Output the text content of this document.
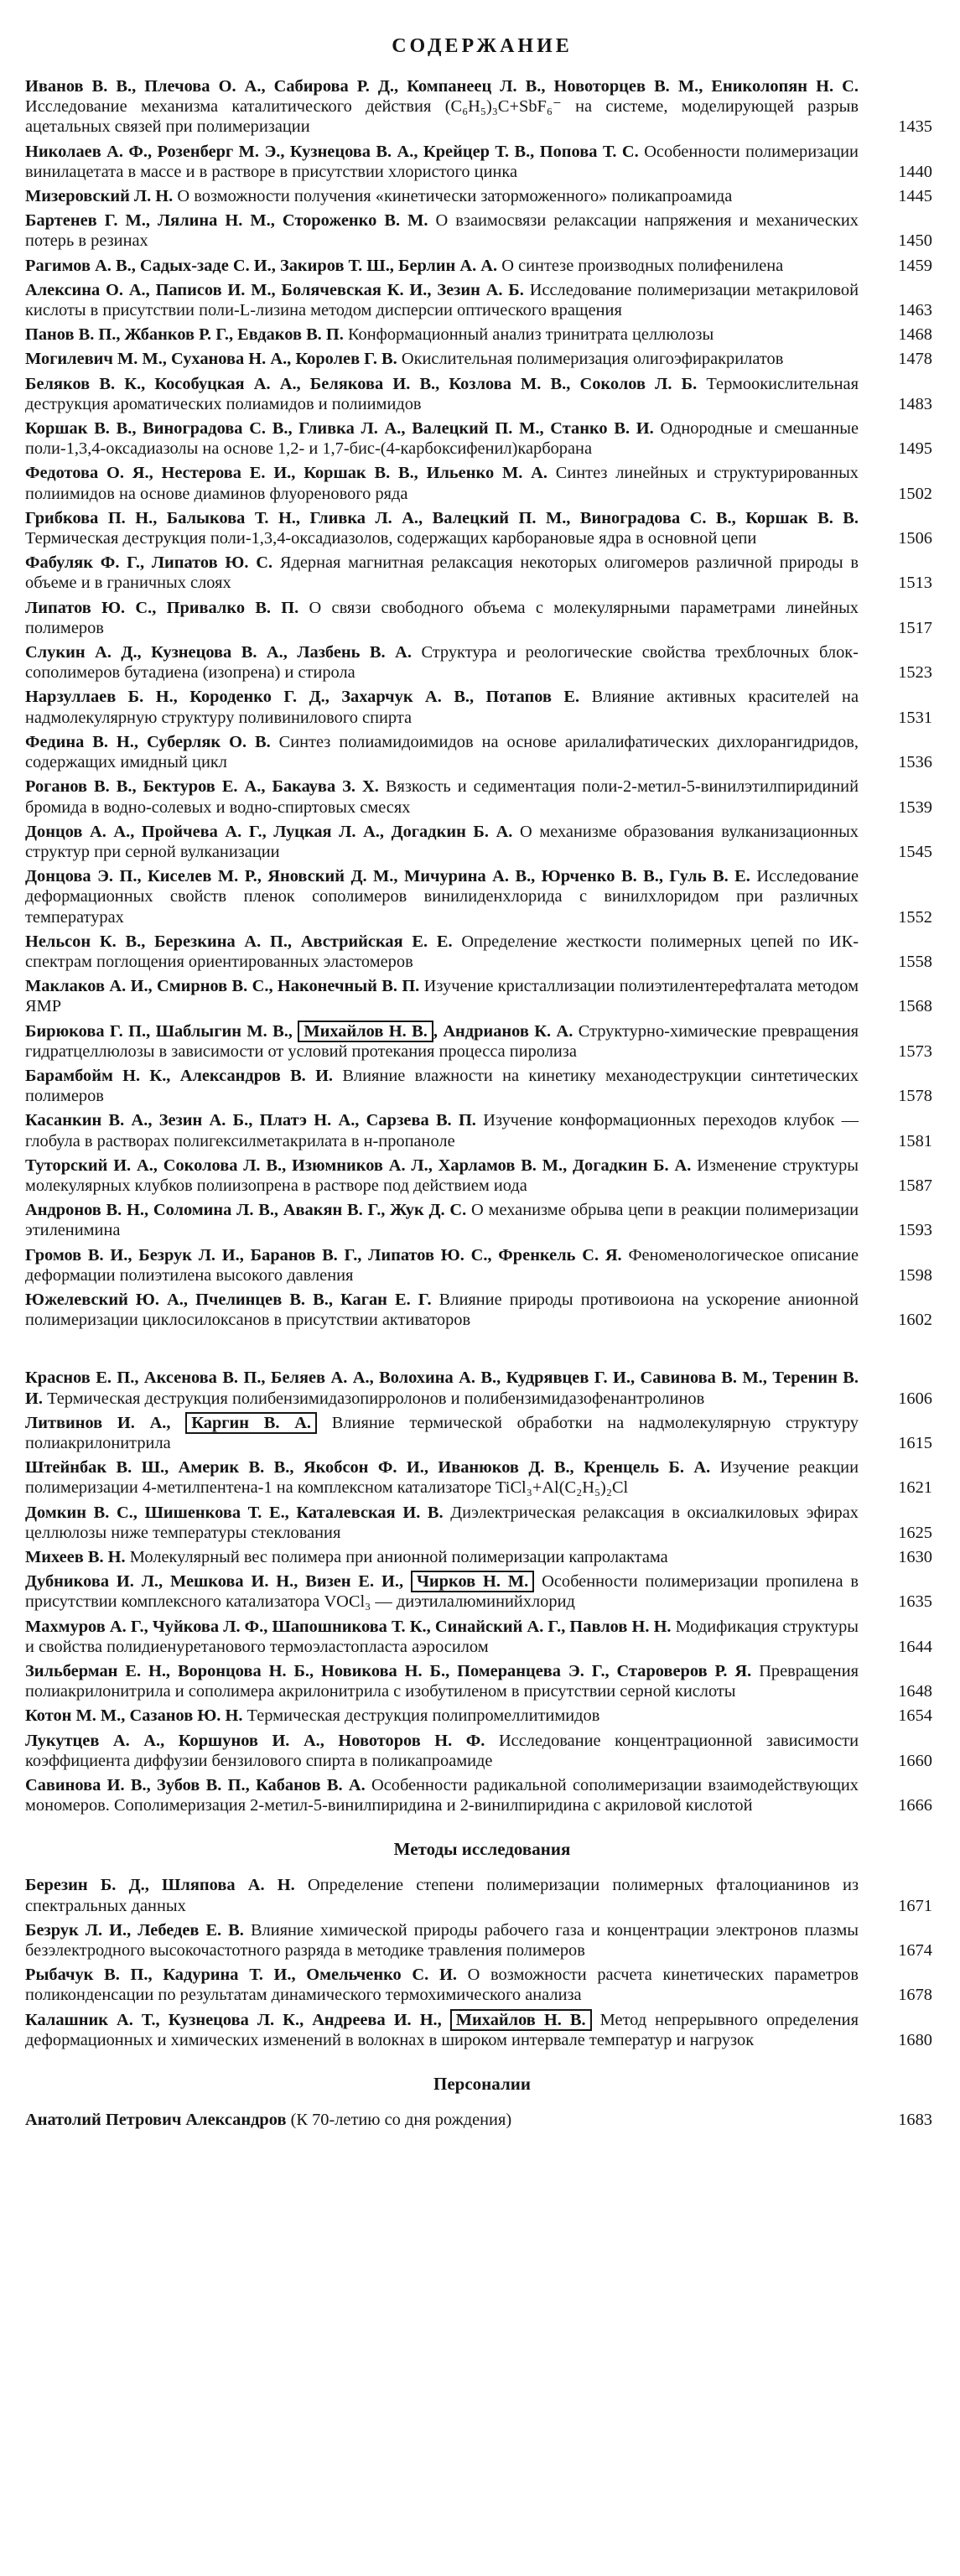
СОДЕРЖАНИЕ
Иванов В. В., Плечова О. А., Сабирова Р. Д., Компанеец Л. В., Новоторцев В. М., Ениколопян Н. С. Исследование механизма каталитического действия (C₆H₅)₃C+SbF₆⁻ на системе, моделирующей разрыв ацетальных связей при полимеризации	1435
Николаев А. Ф., Розенберг М. Э., Кузнецова В. А., Крейцер Т. В., Попова Т. С. Особенности полимеризации винилацетата в массе и в растворе в присутствии хлористого цинка	1440
Мизеровский Л. Н. О возможности получения «кинетически заторможенного» поликапроамида	1445
Бартенев Г. М., Лялина Н. М., Стороженко В. М. О взаимосвязи релаксации напряжения и механических потерь в резинах	1450
Рагимов А. В., Садых-заде С. И., Закиров Т. Ш., Берлин А. А. О синтезе производных полифенилена	1459
Алексина О. А., Паписов И. М., Болячевская К. И., Зезин А. Б. Исследование полимеризации метакриловой кислоты в присутствии поли-L-лизина методом дисперсии оптического вращения	1463
Панов В. П., Жбанков Р. Г., Евдаков В. П. Конформационный анализ тринитрата целлюлозы	1468
Могилевич М. М., Суханова Н. А., Королев Г. В. Окислительная полимеризация олигоэфиракрилатов	1478
Беляков В. К., Кособуцкая А. А., Белякова И. В., Козлова М. В., Соколов Л. Б. Термоокислительная деструкция ароматических полиамидов и полиимидов	1483
Коршак В. В., Виноградова С. В., Гливка Л. А., Валецкий П. М., Станко В. И. Однородные и смешанные поли-1,3,4-оксадиазолы на основе 1,2- и 1,7-бис-(4-карбоксифенил)карборана	1495
Федотова О. Я., Нестерова Е. И., Коршак В. В., Ильенко М. А. Синтез линейных и структурированных полиимидов на основе диаминов флуоренового ряда	1502
Грибкова П. Н., Балыкова Т. Н., Гливка Л. А., Валецкий П. М., Виноградова С. В., Коршак В. В. Термическая деструкция поли-1,3,4-оксадиазолов, содержащих карборановые ядра в основной цепи	1506
Фабуляк Ф. Г., Липатов Ю. С. Ядерная магнитная релаксация некоторых олигомеров различной природы в объеме и в граничных слоях	1513
Липатов Ю. С., Привалко В. П. О связи свободного объема с молекулярными параметрами линейных полимеров	1517
Слукин А. Д., Кузнецова В. А., Лазбень В. А. Структура и реологические свойства трехблочных блок-сополимеров бутадиена (изопрена) и стирола	1523
Нарзуллаев Б. Н., Короденко Г. Д., Захарчук А. В., Потапов Е. Влияние активных красителей на надмолекулярную структуру поливинилового спирта	1531
Федина В. Н., Суберляк О. В. Синтез полиамидоимидов на основе арилалифатических дихлорангидридов, содержащих имидный цикл	1536
Роганов В. В., Бектуров Е. А., Бакаува З. Х. Вязкость и седиментация поли-2-метил-5-винилэтилпиридиний бромида в водно-солевых и водно-спиртовых смесях	1539
Донцов А. А., Пройчева А. Г., Луцкая Л. А., Догадкин Б. А. О механизме образования вулканизационных структур при серной вулканизации	1545
Донцова Э. П., Киселев М. Р., Яновский Д. М., Мичурина А. В., Юрченко В. В., Гуль В. Е. Исследование деформационных свойств пленок сополимеров винилиденхлорида с винилхлоридом при различных температурах	1552
Нельсон К. В., Березкина А. П., Австрийская Е. Е. Определение жесткости полимерных цепей по ИК-спектрам поглощения ориентированных эластомеров	1558
Маклаков А. И., Смирнов В. С., Наконечный В. П. Изучение кристаллизации полиэтилентерефталата методом ЯМР	1568
Бирюкова Г. П., Шаблыгин М. В., Михайлов Н. В. , Андрианов К. А. Структурно-химические превращения гидратцеллюлозы в зависимости от условий протекания процесса пиролиза	1573
Барамбойм Н. К., Александров В. И. Влияние влажности на кинетику механодеструкции синтетических полимеров	1578
Касанкин В. А., Зезин А. Б., Платэ Н. А., Сарзева В. П. Изучение конформационных переходов клубок — глобула в растворах полигексилметакрилата в н-пропаноле	1581
Туторский И. А., Соколова Л. В., Изюмников А. Л., Харламов В. М., Догадкин Б. А. Изменение структуры молекулярных клубков полиизопрена в растворе под действием иода	1587
Андронов В. Н., Соломина Л. В., Авакян В. Г., Жук Д. С. О механизме обрыва цепи в реакции полимеризации этиленимина	1593
Громов В. И., Безрук Л. И., Баранов В. Г., Липатов Ю. С., Френкель С. Я. Феноменологическое описание деформации полиэтилена высокого давления	1598
Южелевский Ю. А., Пчелинцев В. В., Каган Е. Г. Влияние природы противоиона на ускорение анионной полимеризации циклосилоксанов в присутствии активаторов	1602
Краснов Е. П., Аксенова В. П., Беляев А. А., Волохина А. В., Кудрявцев Г. И., Савинова В. М., Теренин В. И. Термическая деструкция полибензимидазопирролонов и полибензимидазофенантролинов	1606
Литвинов И. А., Каргин В. А. Влияние термической обработки на надмолекулярную структуру полиакрилонитрила	1615
Штейнбак В. Ш., Америк В. В., Якобсон Ф. И., Иванюков Д. В., Кренцель Б. А. Изучение реакции полимеризации 4-метилпентена-1 на комплексном катализаторе TiCl₃+Al(C₂H₅)₂Cl	1621
Домкин В. С., Шишенкова Т. Е., Каталевская И. В. Диэлектрическая релаксация в оксиалкиловых эфирах целлюлозы ниже температуры стеклования	1625
Михеев В. Н. Молекулярный вес полимера при анионной полимеризации капролактама	1630
Дубникова И. Л., Мешкова И. Н., Визен Е. И., Чирков Н. М. Особенности полимеризации пропилена в присутствии комплексного катализатора VOCl₃ — диэтилалюминийхлорид	1635
Махмуров А. Г., Чуйкова Л. Ф., Шапошникова Т. К., Синайский А. Г., Павлов Н. Н. Модификация структуры и свойства полидиенуретанового термоэластопласта аэросилом	1644
Зильберман Е. Н., Воронцова Н. Б., Новикова Н. Б., Померанцева Э. Г., Староверов Р. Я. Превращения полиакрилонитрила и сополимера акрилонитрила с изобутиленом в присутствии серной кислоты	1648
Котон М. М., Сазанов Ю. Н. Термическая деструкция полипромеллитимидов	1654
Лукутцев А. А., Коршунов И. А., Новоторов Н. Ф. Исследование концентрационной зависимости коэффициента диффузии бензилового спирта в поликапроамиде	1660
Савинова И. В., Зубов В. П., Кабанов В. А. Особенности радикальной сополимеризации взаимодействующих мономеров. Сополимеризация 2-метил-5-винилпиридина и 2-винилпиридина с акриловой кислотой	1666
Методы исследования
Березин Б. Д., Шляпова А. Н. Определение степени полимеризации полимерных фталоцианинов из спектральных данных	1671
Безрук Л. И., Лебедев Е. В. Влияние химической природы рабочего газа и концентрации электронов плазмы безэлектродного высокочастотного разряда в методике травления полимеров	1674
Рыбачук В. П., Кадурина Т. И., Омельченко С. И. О возможности расчета кинетических параметров поликонденсации по результатам динамического термохимического анализа	1678
Калашник А. Т., Кузнецова Л. К., Андреева И. Н., Михайлов Н. В. Метод непрерывного определения деформационных и химических изменений в волокнах в широком интервале температур и нагрузок	1680
Персоналии
Анатолий Петрович Александров (К 70-летию со дня рождения)	1683
